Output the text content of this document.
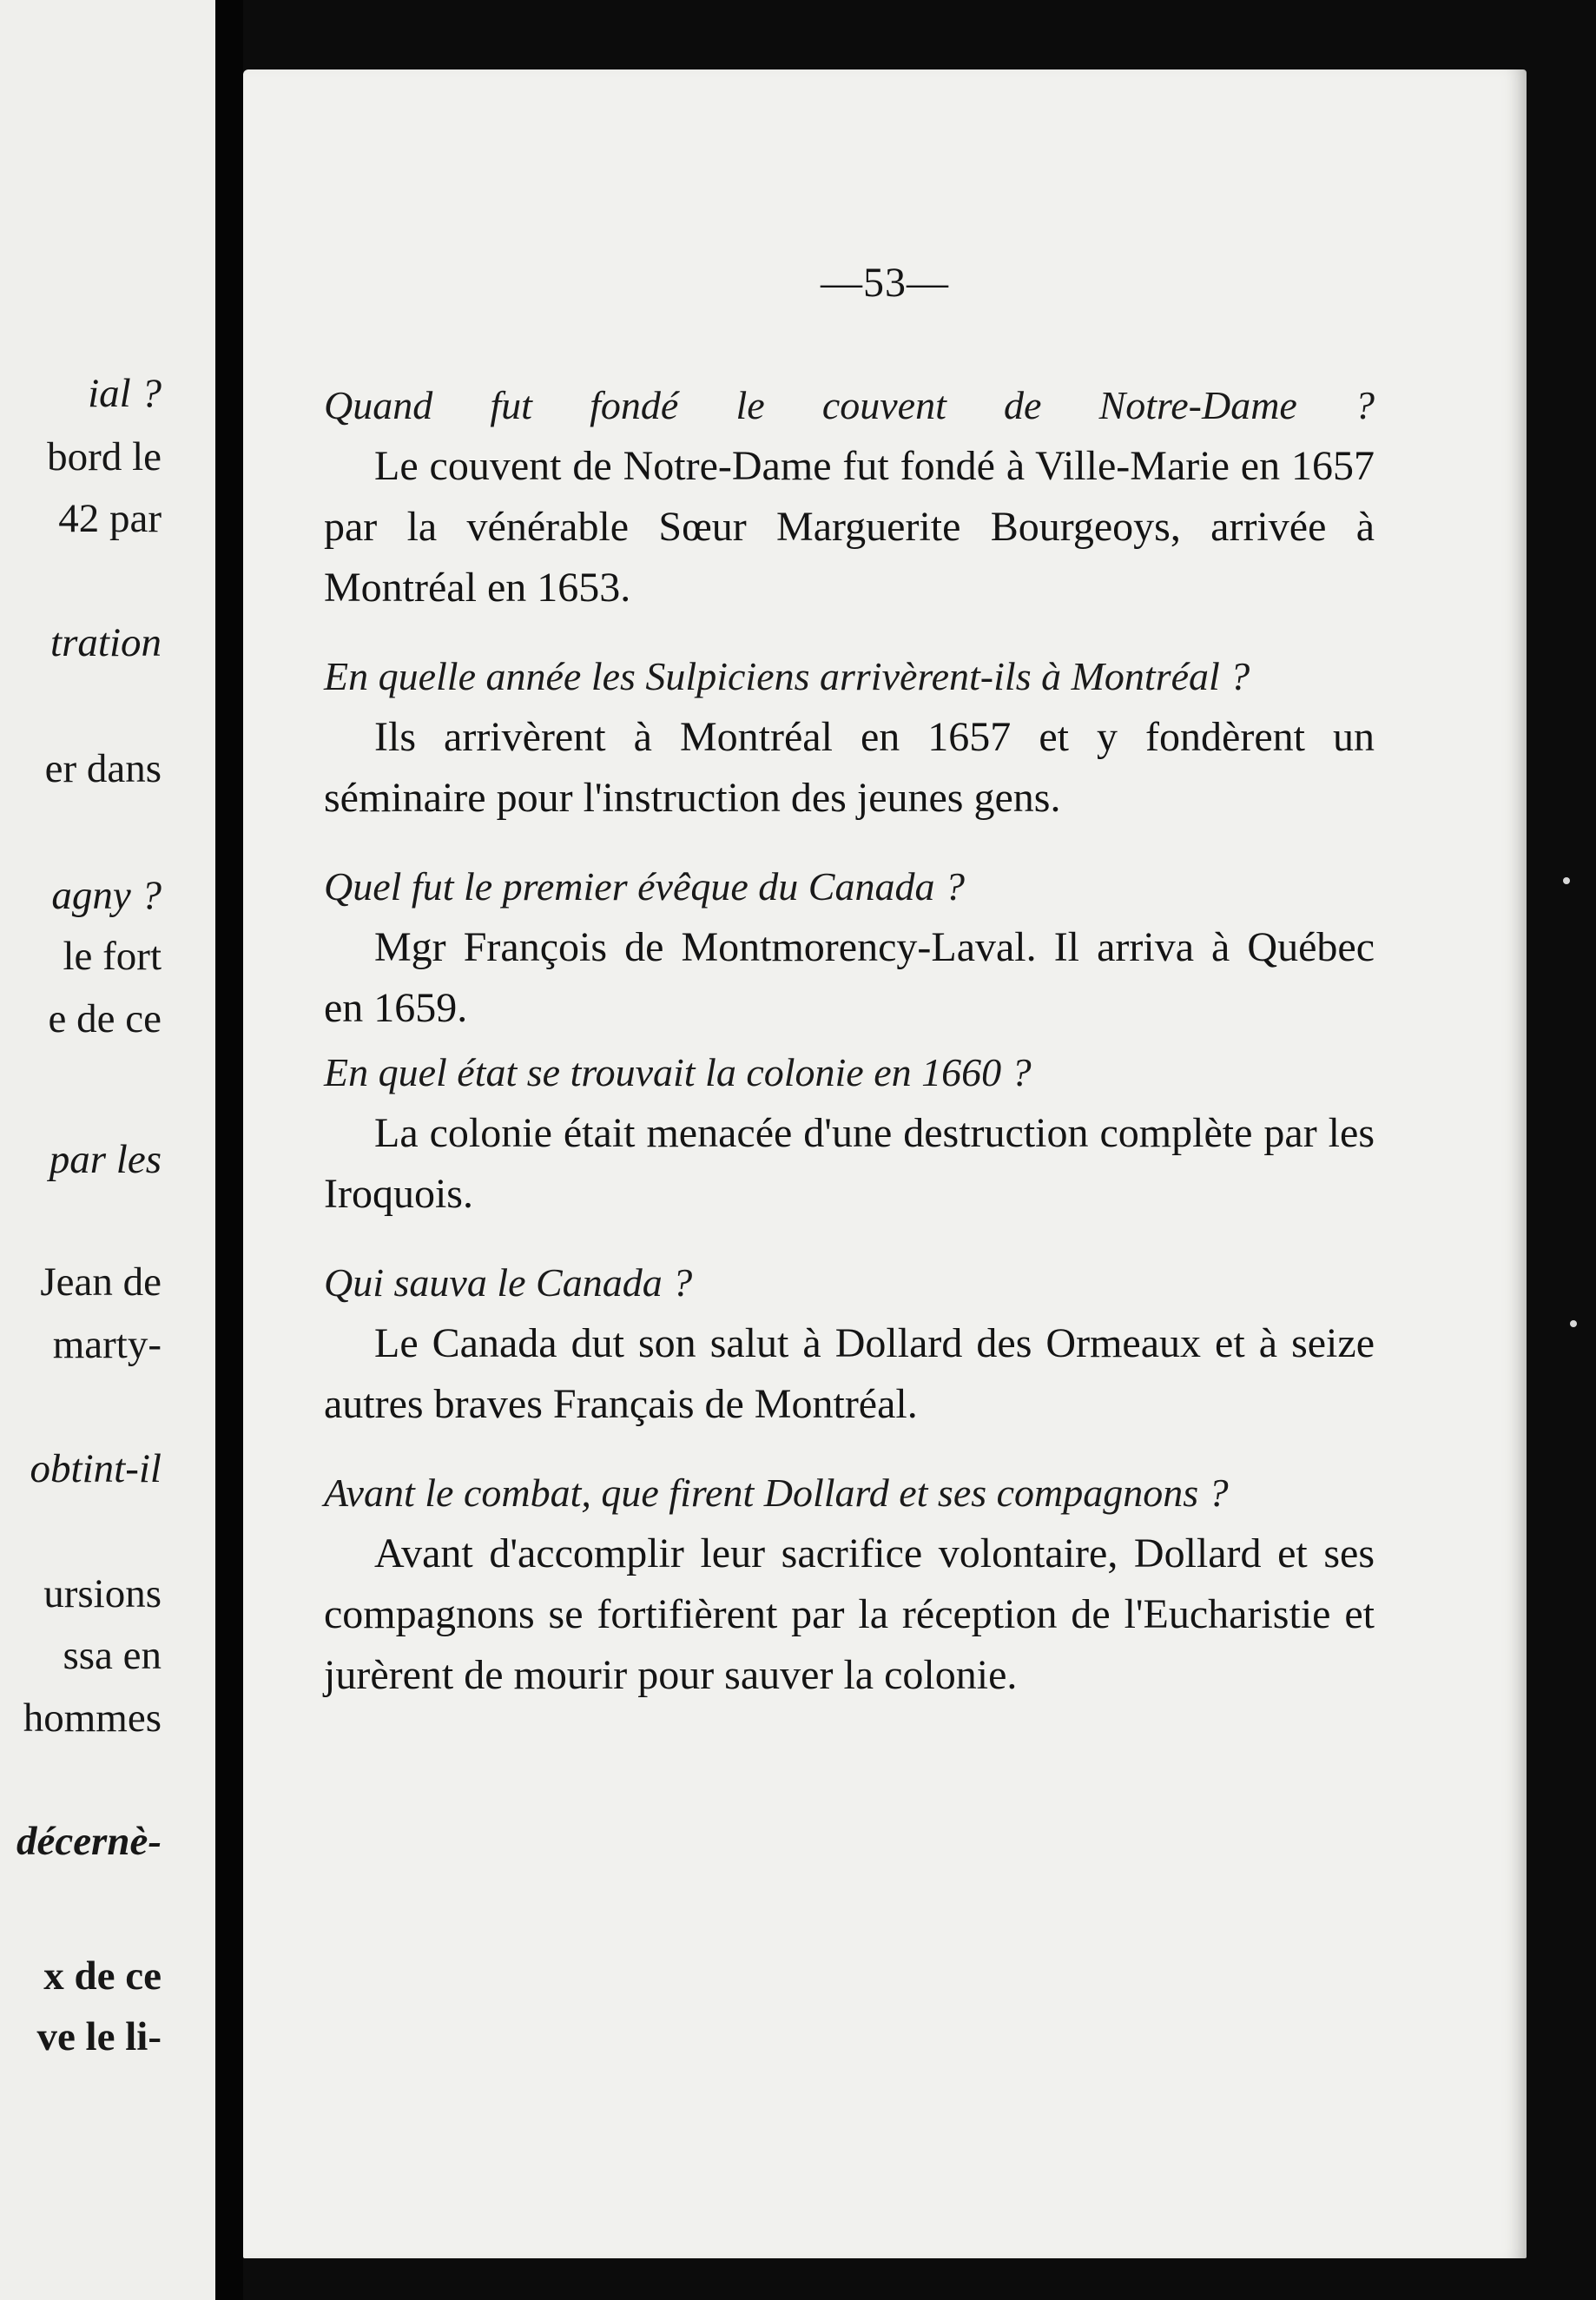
ial ?
bord le
42 par
tration
er dans
agny ?
le fort
e de ce
par les
Jean de
marty-
obtint-il
ursions
ssa en
hommes
décernè-
x de ce
ve le li-
—53—

Quand fut fondé le couvent de Notre-Dame ?

Le couvent de Notre-Dame fut fondé à Ville-Marie en 1657 par la vénérable Sœur Marguerite Bourgeoys, arrivée à Montréal en 1653.

En quelle année les Sulpiciens arrivèrent-ils à Montréal ?

Ils arrivèrent à Montréal en 1657 et y fondèrent un séminaire pour l'instruction des jeunes gens.

Quel fut le premier évêque du Canada ?

Mgr François de Montmorency-Laval. Il arriva à Québec en 1659.

En quel état se trouvait la colonie en 1660 ?

La colonie était menacée d'une destruction complète par les Iroquois.

Qui sauva le Canada ?

Le Canada dut son salut à Dollard des Ormeaux et à seize autres braves Français de Montréal.

Avant le combat, que firent Dollard et ses compagnons ?

Avant d'accomplir leur sacrifice volontaire, Dollard et ses compagnons se fortifièrent par la réception de l'Eucharistie et jurèrent de mourir pour sauver la colonie.
